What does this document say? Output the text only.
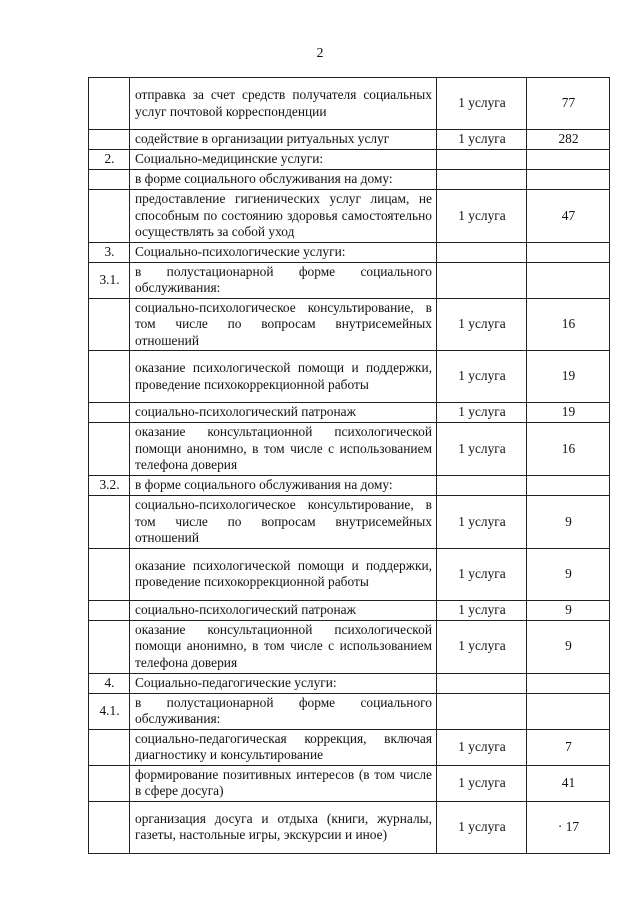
2
	отправка за счет средств получателя социальных услуг почтовой корреспонденции	1 услуга	77
	содействие в организации ритуальных услуг	1 услуга	282
2.	Социально-медицинские услуги:		
	в форме социального обслуживания на дому:		
	предоставление гигиенических услуг лицам, не способным по состоянию здоровья самостоятельно осуществлять за собой уход	1 услуга	47
3.	Социально-психологические услуги:		
3.1.	в полустационарной форме социального обслуживания:		
	социально-психологическое консультирование, в том числе по вопросам внутрисемейных отношений	1 услуга	16
	оказание психологической помощи и поддержки, проведение психокоррекционной работы	1 услуга	19
	социально-психологический патронаж	1 услуга	19
	оказание консультационной психологической помощи анонимно, в том числе с использованием телефона доверия	1 услуга	16
3.2.	в форме социального обслуживания на дому:		
	социально-психологическое консультирование, в том числе по вопросам внутрисемейных отношений	1 услуга	9
	оказание психологической помощи и поддержки, проведение психокоррекционной работы	1 услуга	9
	социально-психологический патронаж	1 услуга	9
	оказание консультационной психологической помощи анонимно, в том числе с использованием телефона доверия	1 услуга	9
4.	Социально-педагогические услуги:		
4.1.	в полустационарной форме социального обслуживания:		
	социально-педагогическая коррекция, включая диагностику и консультирование	1 услуга	7
	формирование позитивных интересов (в том числе в сфере досуга)	1 услуга	41
	организация досуга и отдыха (книги, журналы, газеты, настольные игры, экскурсии и иное)	1 услуга	· 17
